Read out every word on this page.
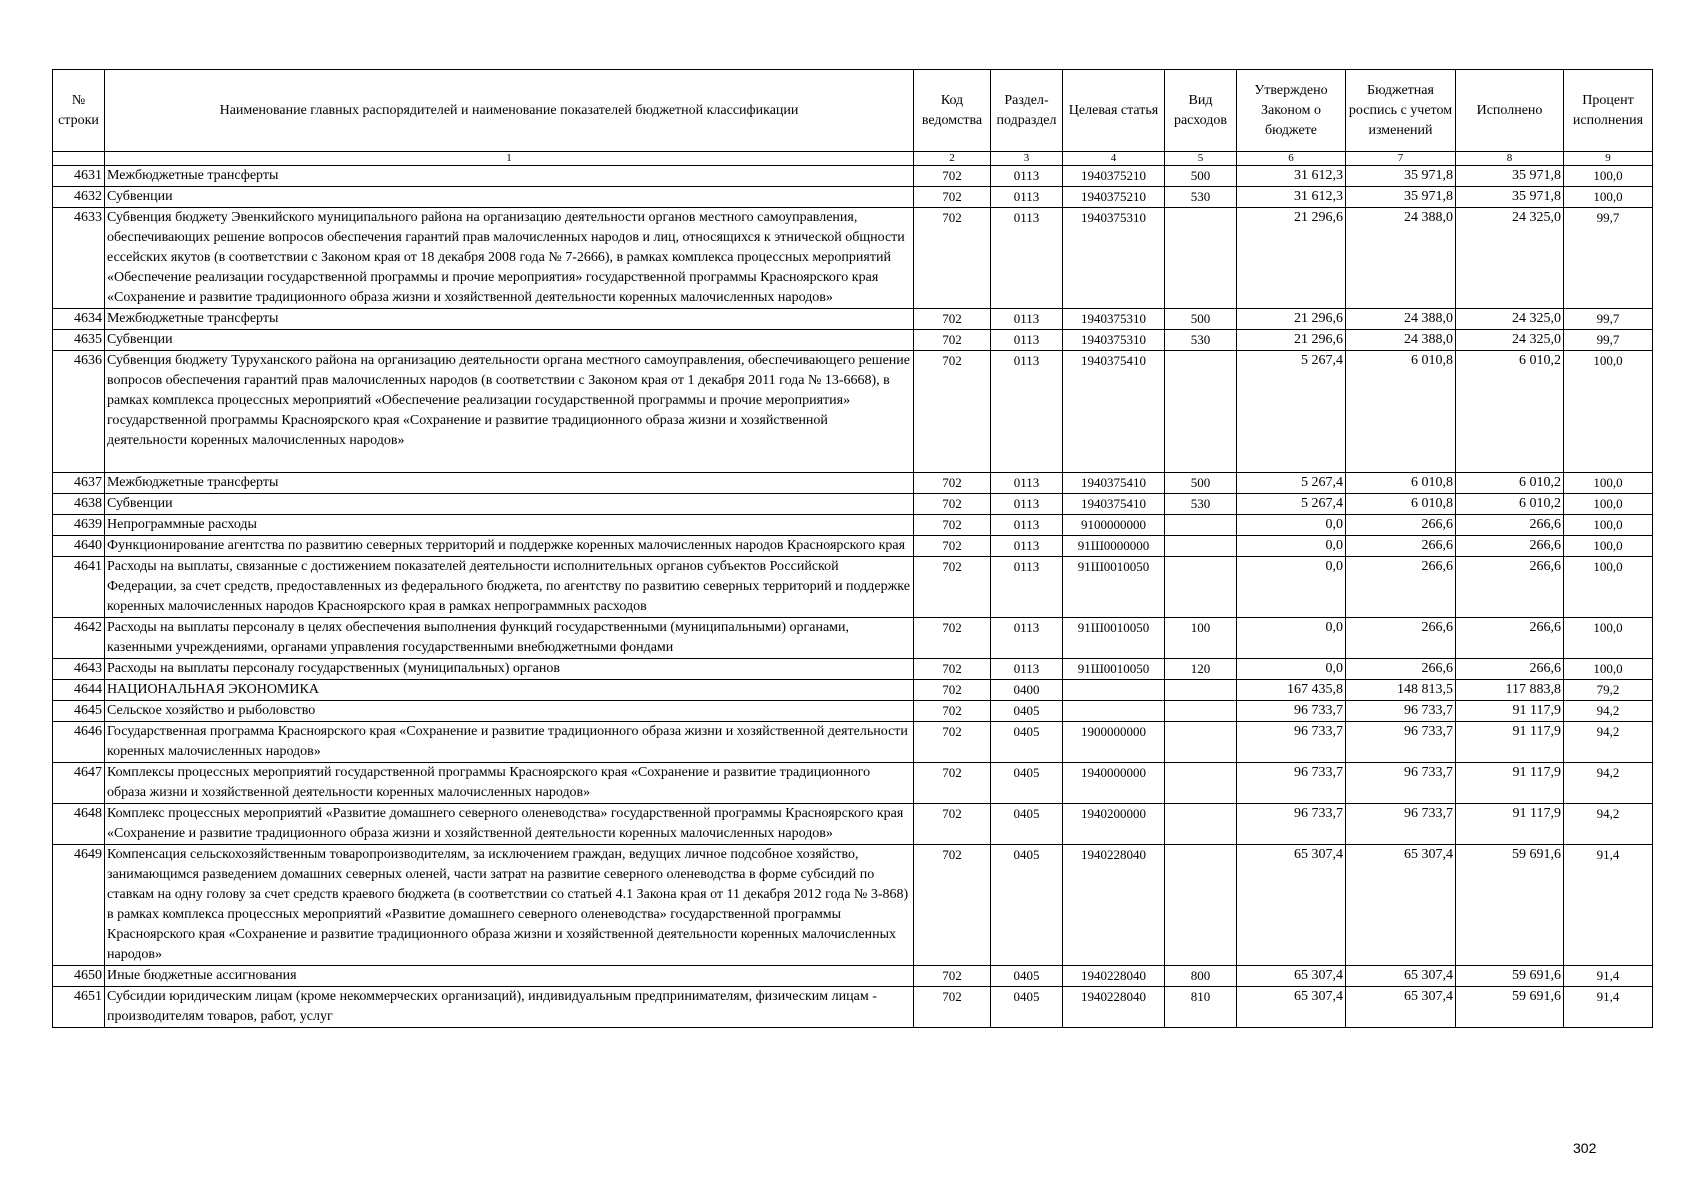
№ строки	Наименование главных распорядителей и наименование показателей бюджетной классификации	Код ведомства	Раздел-подраздел	Целевая статья	Вид расходов	Утверждено Законом о бюджете	Бюджетная роспись с учетом изменений	Исполнено	Процент исполнения
	1	2	3	4	5	6	7	8	9
4631	Межбюджетные трансферты	702	0113	1940375210	500	31 612,3	35 971,8	35 971,8	100,0
4632	Субвенции	702	0113	1940375210	530	31 612,3	35 971,8	35 971,8	100,0
4633	Субвенция бюджету Эвенкийского муниципального района на организацию деятельности органов местного самоуправления, обеспечивающих решение вопросов обеспечения гарантий прав малочисленных народов и лиц, относящихся к этнической общности ессейских якутов (в соответствии с Законом края от 18 декабря 2008 года № 7-2666), в рамках комплекса процессных мероприятий «Обеспечение реализации государственной программы и прочие мероприятия» государственной программы Красноярского края «Сохранение и развитие традиционного образа жизни и хозяйственной деятельности коренных малочисленных народов»	702	0113	1940375310		21 296,6	24 388,0	24 325,0	99,7
4634	Межбюджетные трансферты	702	0113	1940375310	500	21 296,6	24 388,0	24 325,0	99,7
4635	Субвенции	702	0113	1940375310	530	21 296,6	24 388,0	24 325,0	99,7
4636	Субвенция бюджету Туруханского района на организацию деятельности органа местного самоуправления, обеспечивающего решение вопросов обеспечения гарантий прав малочисленных народов (в соответствии с Законом края от 1 декабря 2011 года № 13-6668), в рамках комплекса процессных мероприятий «Обеспечение реализации государственной программы и прочие мероприятия» государственной программы Красноярского края «Сохранение и развитие традиционного образа жизни и хозяйственной деятельности коренных малочисленных народов»	702	0113	1940375410		5 267,4	6 010,8	6 010,2	100,0
4637	Межбюджетные трансферты	702	0113	1940375410	500	5 267,4	6 010,8	6 010,2	100,0
4638	Субвенции	702	0113	1940375410	530	5 267,4	6 010,8	6 010,2	100,0
4639	Непрограммные расходы	702	0113	9100000000		0,0	266,6	266,6	100,0
4640	Функционирование агентства по развитию северных территорий и поддержке коренных малочисленных народов Красноярского края	702	0113	91Ш0000000		0,0	266,6	266,6	100,0
4641	Расходы на выплаты, связанные с достижением показателей деятельности исполнительных органов субъектов Российской Федерации, за счет средств, предоставленных из федерального бюджета, по агентству по развитию северных территорий и поддержке коренных малочисленных народов Красноярского края в рамках непрограммных расходов	702	0113	91Ш0010050		0,0	266,6	266,6	100,0
4642	Расходы на выплаты персоналу в целях обеспечения выполнения функций государственными (муниципальными) органами, казенными учреждениями, органами управления государственными внебюджетными фондами	702	0113	91Ш0010050	100	0,0	266,6	266,6	100,0
4643	Расходы на выплаты персоналу государственных (муниципальных) органов	702	0113	91Ш0010050	120	0,0	266,6	266,6	100,0
4644	НАЦИОНАЛЬНАЯ ЭКОНОМИКА	702	0400			167 435,8	148 813,5	117 883,8	79,2
4645	Сельское хозяйство и рыболовство	702	0405			96 733,7	96 733,7	91 117,9	94,2
4646	Государственная программа Красноярского края «Сохранение и развитие традиционного образа жизни и хозяйственной деятельности коренных малочисленных народов»	702	0405	1900000000		96 733,7	96 733,7	91 117,9	94,2
4647	Комплексы процессных мероприятий государственной программы Красноярского края «Сохранение и развитие традиционного образа жизни и хозяйственной деятельности коренных малочисленных народов»	702	0405	1940000000		96 733,7	96 733,7	91 117,9	94,2
4648	Комплекс процессных мероприятий «Развитие домашнего северного оленеводства» государственной программы Красноярского края «Сохранение и развитие традиционного образа жизни и хозяйственной деятельности коренных малочисленных народов»	702	0405	1940200000		96 733,7	96 733,7	91 117,9	94,2
4649	Компенсация сельскохозяйственным товаропроизводителям, за исключением граждан, ведущих личное подсобное хозяйство, занимающимся разведением домашних северных оленей, части затрат на развитие северного оленеводства в форме субсидий по ставкам на одну голову за счет средств краевого бюджета (в соответствии со статьей 4.1 Закона края от 11 декабря 2012 года № 3-868) в рамках комплекса процессных мероприятий «Развитие домашнего северного оленеводства» государственной программы Красноярского края «Сохранение и развитие традиционного образа жизни и хозяйственной деятельности коренных малочисленных народов»	702	0405	1940228040		65 307,4	65 307,4	59 691,6	91,4
4650	Иные бюджетные ассигнования	702	0405	1940228040	800	65 307,4	65 307,4	59 691,6	91,4
4651	Субсидии юридическим лицам (кроме некоммерческих организаций), индивидуальным предпринимателям, физическим лицам - производителям товаров, работ, услуг	702	0405	1940228040	810	65 307,4	65 307,4	59 691,6	91,4
302
